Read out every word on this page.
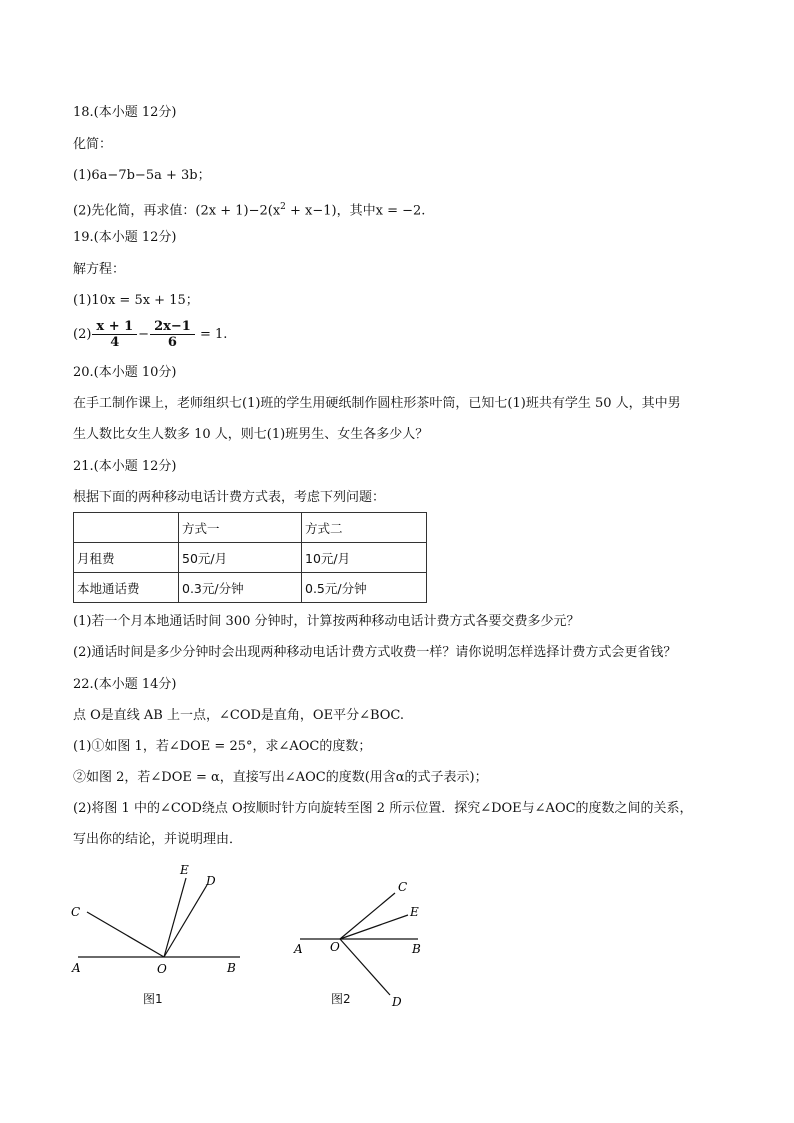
18.(本小题 12分)
化简：
(1)6a−7b−5a + 3b；
(2)先化简，再求值：$(2x + 1)-2(x^2 + x-1)$，其中x = −2.
19.(本小题 12分)
解方程：
(1)10x = 5x + 15；
$(2) \frac{x + 1}{4} - \frac{2x-1}{6} = 1$.
20.(本小题 10分)
在手工制作课上，老师组织七(1)班的学生用硬纸制作圆柱形茶叶筒，已知七(1)班共有学生 50 人，其中男
生人数比女生人数多 10 人，则七(1)班男生、女生各多少人？
21.(本小题 12分)
根据下面的两种移动电话计费方式表，考虑下列问题：
	方式一	方式二
月租费	50元/月	10元/月
本地通话费	0.3元/分钟	0.5元/分钟
(1)若一个月本地通话时间 300 分钟时，计算按两种移动电话计费方式各要交费多少元？
(2)通话时间是多少分钟时会出现两种移动电话计费方式收费一样？请你说明怎样选择计费方式会更省钱？
22.(本小题 14分)
点 O是直线 AB 上一点，∠COD是直角，OE平分∠BOC.
(1)①如图 1，若∠DOE = 25°，求∠AOC的度数；
②如图 2，若∠DOE = α，直接写出∠AOC的度数(用含α的式子表示)；
(2)将图 1 中的∠COD绕点 O按顺时针方向旋转至图 2 所示位置．探究∠DOE与∠AOC的度数之间的关系，
写出你的结论，并说明理由．
A	O	B
C
E
D
图1
A O	B
C
E
D
图2
